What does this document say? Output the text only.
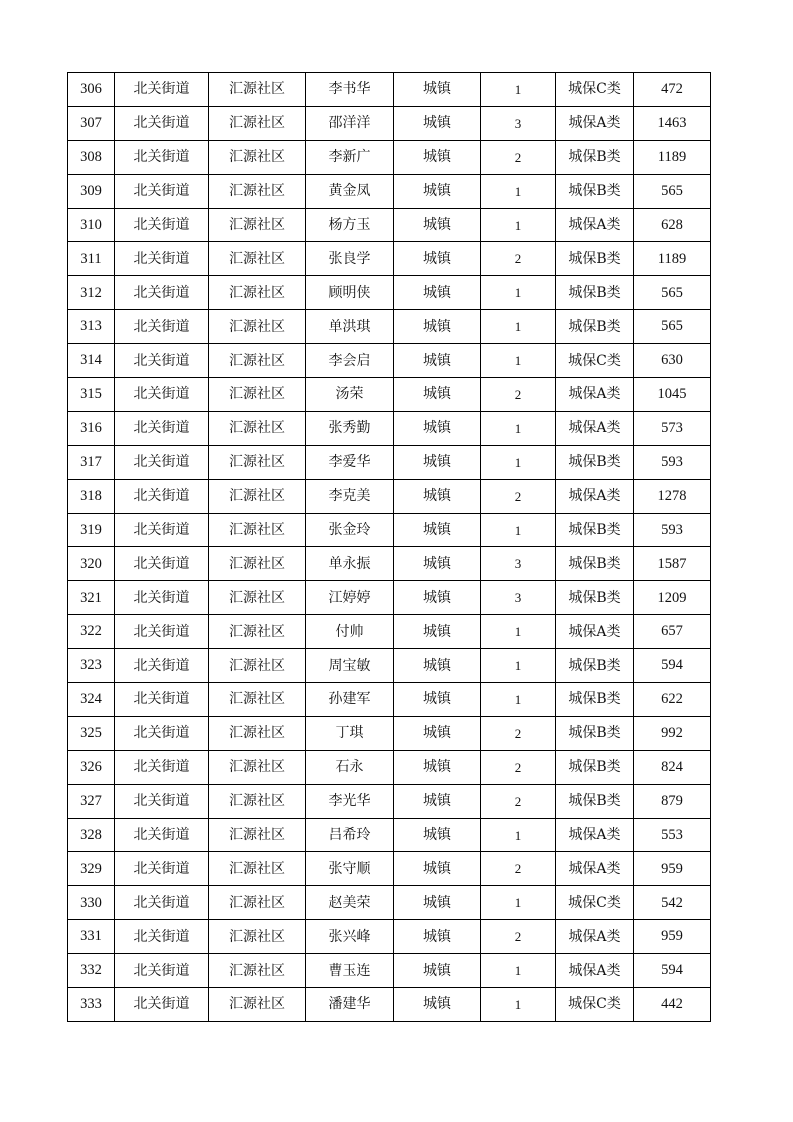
306	北关街道	汇源社区	李书华	城镇	1	城保C类	472
307	北关街道	汇源社区	邵洋洋	城镇	3	城保A类	1463
308	北关街道	汇源社区	李新广	城镇	2	城保B类	1189
309	北关街道	汇源社区	黄金凤	城镇	1	城保B类	565
310	北关街道	汇源社区	杨方玉	城镇	1	城保A类	628
311	北关街道	汇源社区	张良学	城镇	2	城保B类	1189
312	北关街道	汇源社区	顾明侠	城镇	1	城保B类	565
313	北关街道	汇源社区	单洪琪	城镇	1	城保B类	565
314	北关街道	汇源社区	李会启	城镇	1	城保C类	630
315	北关街道	汇源社区	汤荣	城镇	2	城保A类	1045
316	北关街道	汇源社区	张秀勤	城镇	1	城保A类	573
317	北关街道	汇源社区	李爱华	城镇	1	城保B类	593
318	北关街道	汇源社区	李克美	城镇	2	城保A类	1278
319	北关街道	汇源社区	张金玲	城镇	1	城保B类	593
320	北关街道	汇源社区	单永振	城镇	3	城保B类	1587
321	北关街道	汇源社区	江婷婷	城镇	3	城保B类	1209
322	北关街道	汇源社区	付帅	城镇	1	城保A类	657
323	北关街道	汇源社区	周宝敏	城镇	1	城保B类	594
324	北关街道	汇源社区	孙建军	城镇	1	城保B类	622
325	北关街道	汇源社区	丁琪	城镇	2	城保B类	992
326	北关街道	汇源社区	石永	城镇	2	城保B类	824
327	北关街道	汇源社区	李光华	城镇	2	城保B类	879
328	北关街道	汇源社区	吕希玲	城镇	1	城保A类	553
329	北关街道	汇源社区	张守顺	城镇	2	城保A类	959
330	北关街道	汇源社区	赵美荣	城镇	1	城保C类	542
331	北关街道	汇源社区	张兴峰	城镇	2	城保A类	959
332	北关街道	汇源社区	曹玉连	城镇	1	城保A类	594
333	北关街道	汇源社区	潘建华	城镇	1	城保C类	442
